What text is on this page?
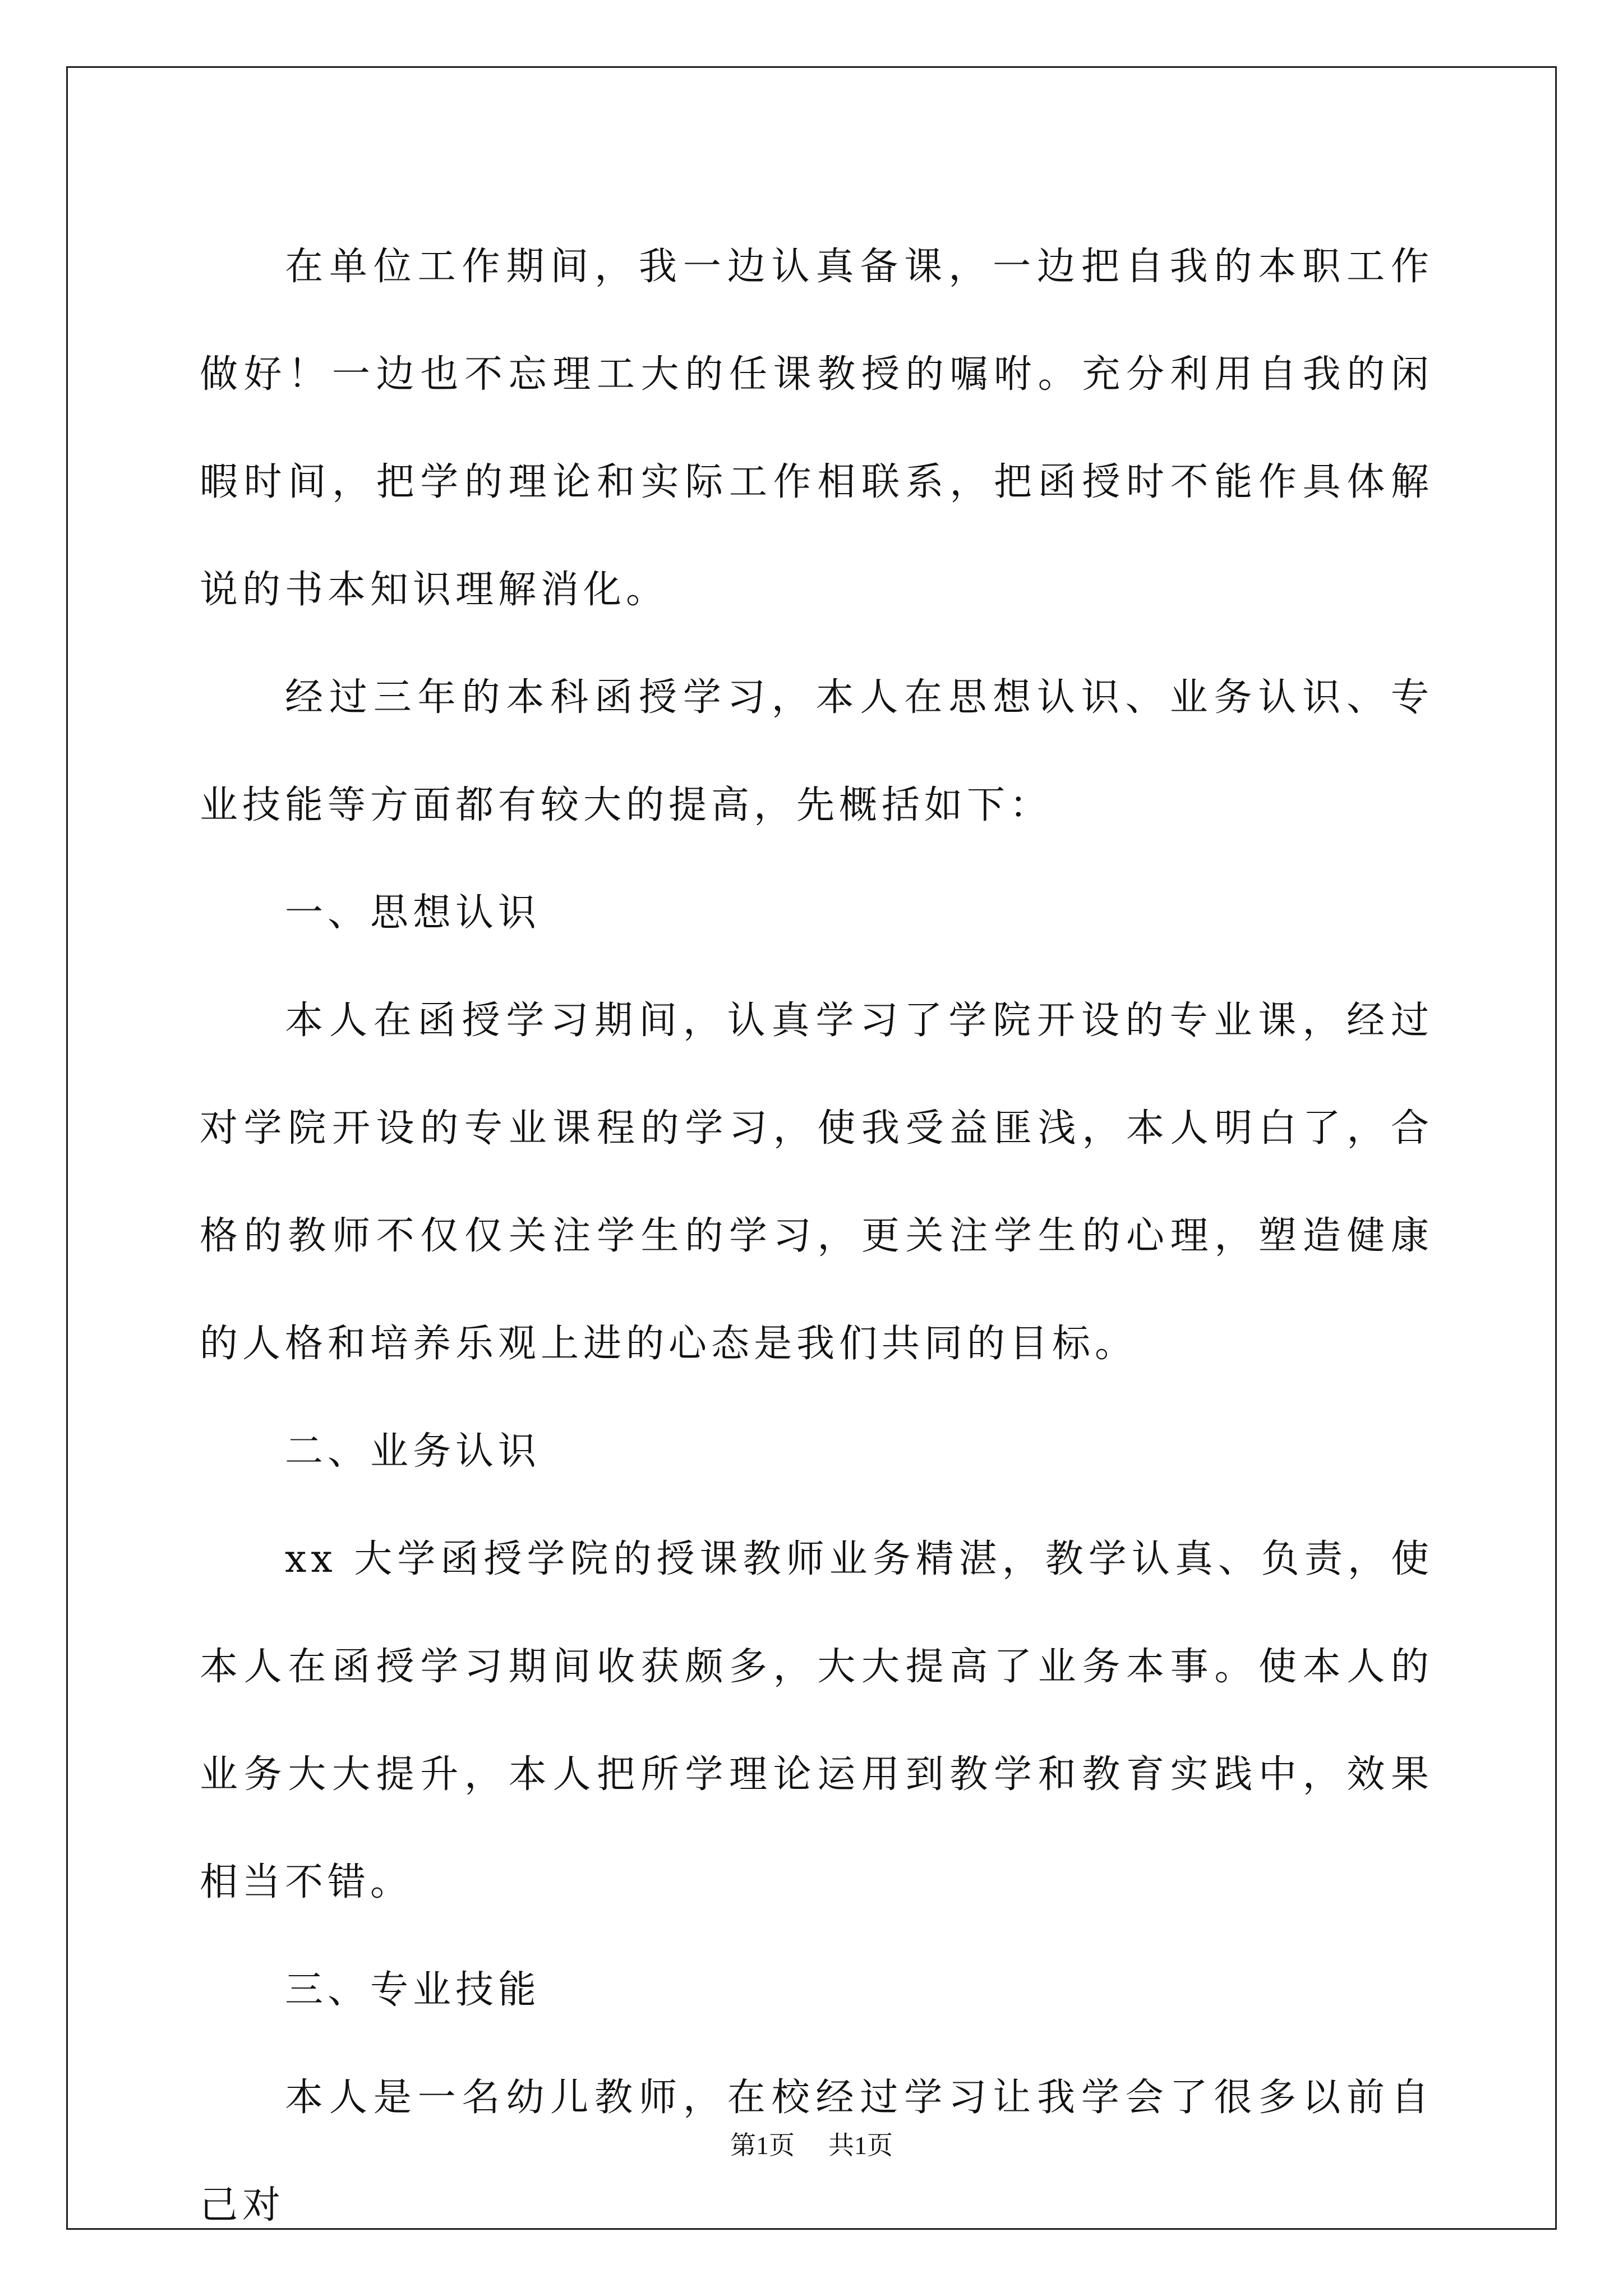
在单位工作期间，我一边认真备课，一边把自我的本职工作做好！一边也不忘理工大的任课教授的嘱咐。充分利用自我的闲暇时间，把学的理论和实际工作相联系，把函授时不能作具体解说的书本知识理解消化。

经过三年的本科函授学习，本人在思想认识、业务认识、专业技能等方面都有较大的提高，先概括如下：

一、思想认识

本人在函授学习期间，认真学习了学院开设的专业课，经过对学院开设的专业课程的学习，使我受益匪浅，本人明白了，合格的教师不仅仅关注学生的学习，更关注学生的心理，塑造健康的人格和培养乐观上进的心态是我们共同的目标。

二、业务认识

xx 大学函授学院的授课教师业务精湛，教学认真、负责，使本人在函授学习期间收获颇多，大大提高了业务本事。使本人的业务大大提升，本人把所学理论运用到教学和教育实践中，效果相当不错。

三、专业技能

本人是一名幼儿教师，在校经过学习让我学会了很多以前自己对

第1页 共1页
